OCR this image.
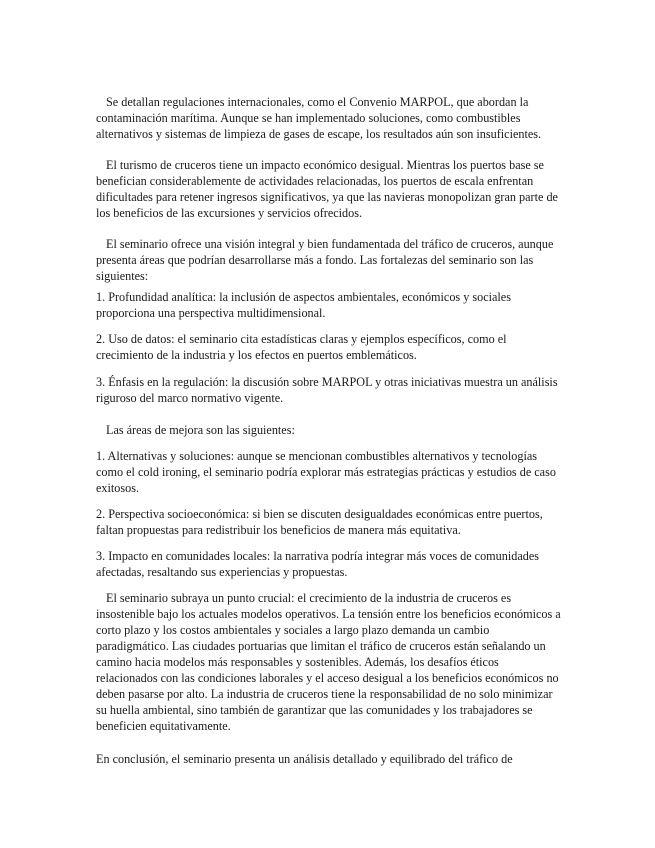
Se detallan regulaciones internacionales, como el Convenio MARPOL, que abordan la contaminación marítima. Aunque se han implementado soluciones, como combustibles alternativos y sistemas de limpieza de gases de escape, los resultados aún son insuficientes.

El turismo de cruceros tiene un impacto económico desigual. Mientras los puertos base se benefician considerablemente de actividades relacionadas, los puertos de escala enfrentan dificultades para retener ingresos significativos, ya que las navieras monopolizan gran parte de los beneficios de las excursiones y servicios ofrecidos.

El seminario ofrece una visión integral y bien fundamentada del tráfico de cruceros, aunque presenta áreas que podrían desarrollarse más a fondo. Las fortalezas del seminario son las siguientes:

1. Profundidad analítica: la inclusión de aspectos ambientales, económicos y sociales proporciona una perspectiva multidimensional.

2. Uso de datos: el seminario cita estadísticas claras y ejemplos específicos, como el crecimiento de la industria y los efectos en puertos emblemáticos.

3. Énfasis en la regulación: la discusión sobre MARPOL y otras iniciativas muestra un análisis riguroso del marco normativo vigente.

Las áreas de mejora son las siguientes:

1. Alternativas y soluciones: aunque se mencionan combustibles alternativos y tecnologías como el cold ironing, el seminario podría explorar más estrategias prácticas y estudios de caso exitosos.

2. Perspectiva socioeconómica: si bien se discuten desigualdades económicas entre puertos, faltan propuestas para redistribuir los beneficios de manera más equitativa.

3. Impacto en comunidades locales: la narrativa podría integrar más voces de comunidades afectadas, resaltando sus experiencias y propuestas.

El seminario subraya un punto crucial: el crecimiento de la industria de cruceros es insostenible bajo los actuales modelos operativos. La tensión entre los beneficios económicos a corto plazo y los costos ambientales y sociales a largo plazo demanda un cambio paradigmático. Las ciudades portuarias que limitan el tráfico de cruceros están señalando un camino hacia modelos más responsables y sostenibles. Además, los desafíos éticos relacionados con las condiciones laborales y el acceso desigual a los beneficios económicos no deben pasarse por alto. La industria de cruceros tiene la responsabilidad de no solo minimizar su huella ambiental, sino también de garantizar que las comunidades y los trabajadores se beneficien equitativamente.

En conclusión, el seminario presenta un análisis detallado y equilibrado del tráfico de
